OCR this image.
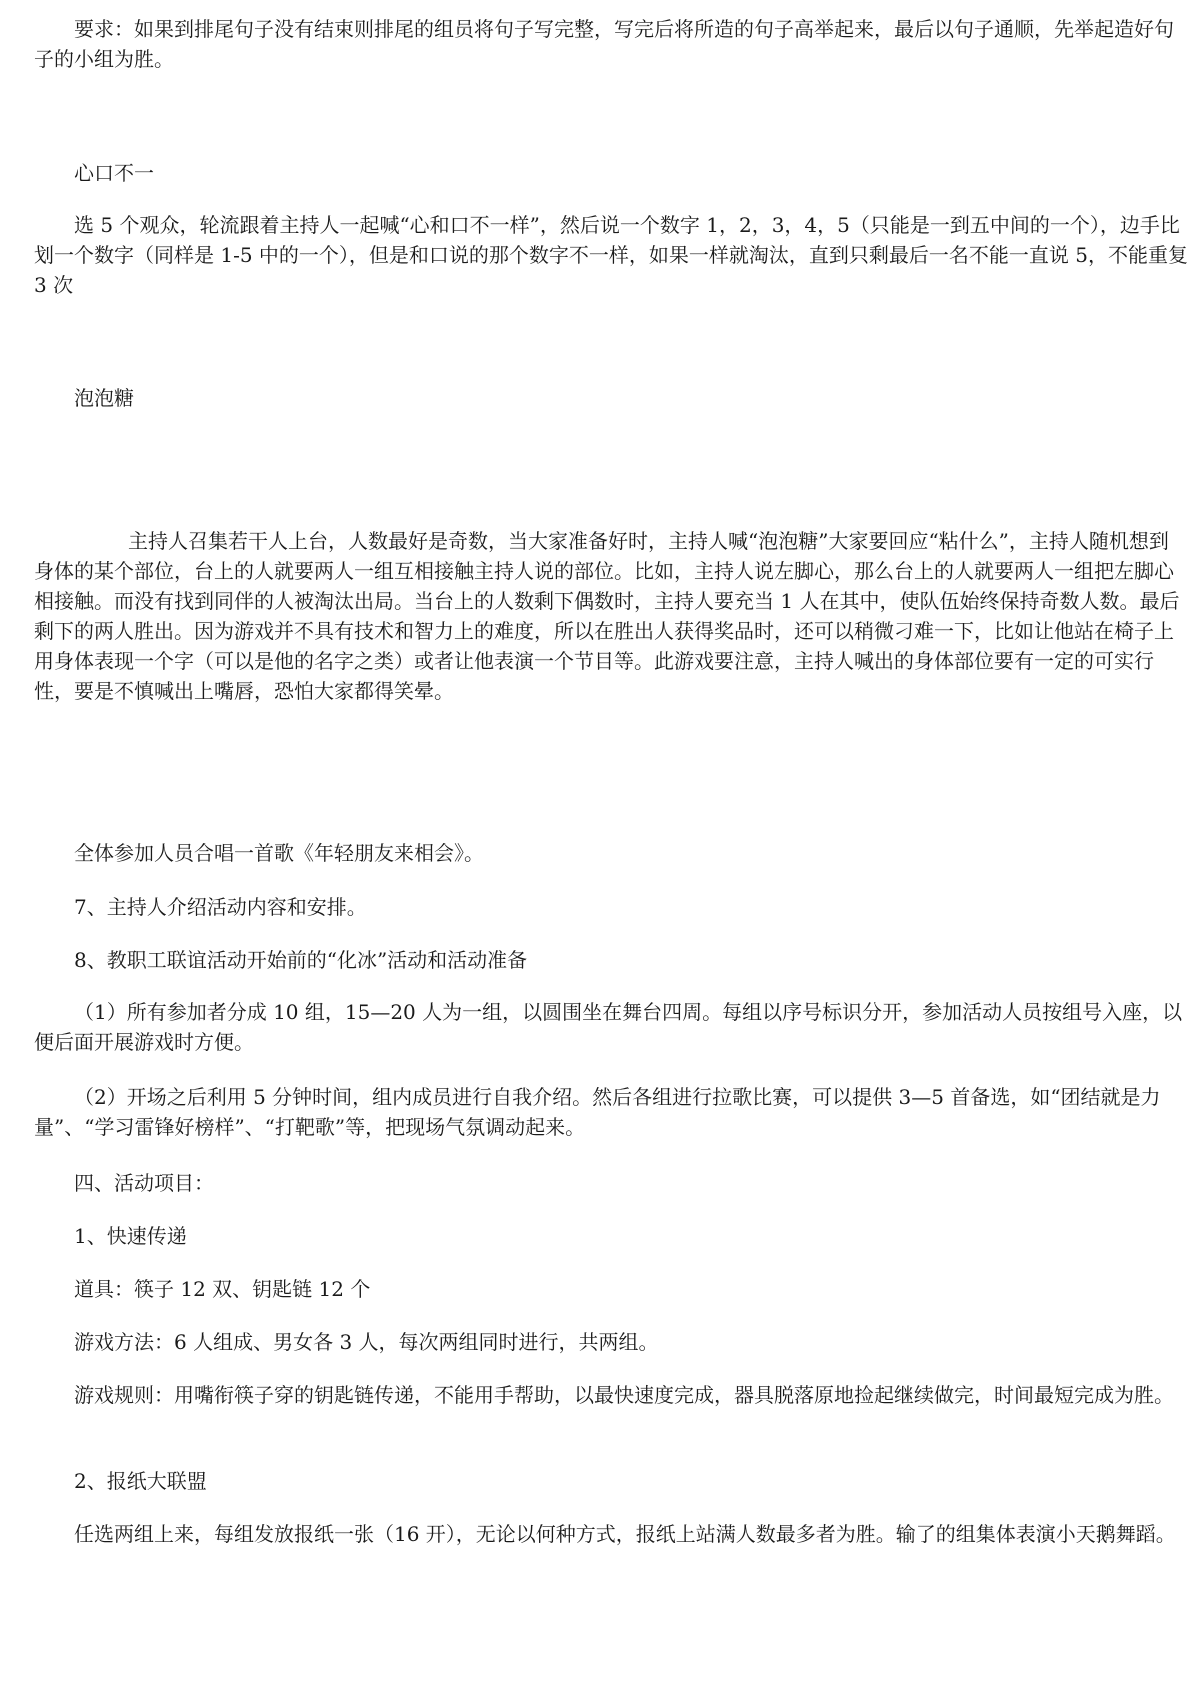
要求：如果到排尾句子没有结束则排尾的组员将句子写完整，写完后将所造的句子高举起来，最后以句子通顺，先举起造好句子的小组为胜。

心口不一

选 5 个观众，轮流跟着主持人一起喊“心和口不一样”，然后说一个数字 1，2，3，4，5（只能是一到五中间的一个），边手比划一个数字（同样是 1-5 中的一个），但是和口说的那个数字不一样，如果一样就淘汰，直到只剩最后一名不能一直说 5，不能重复 3 次

泡泡糖

主持人召集若干人上台，人数最好是奇数，当大家准备好时，主持人喊“泡泡糖”大家要回应“粘什么”，主持人随机想到身体的某个部位，台上的人就要两人一组互相接触主持人说的部位。比如，主持人说左脚心，那么台上的人就要两人一组把左脚心相接触。而没有找到同伴的人被淘汰出局。当台上的人数剩下偶数时，主持人要充当 1 人在其中，使队伍始终保持奇数人数。最后剩下的两人胜出。因为游戏并不具有技术和智力上的难度，所以在胜出人获得奖品时，还可以稍微刁难一下，比如让他站在椅子上用身体表现一个字（可以是他的名字之类）或者让他表演一个节目等。此游戏要注意，主持人喊出的身体部位要有一定的可实行性，要是不慎喊出上嘴唇，恐怕大家都得笑晕。

全体参加人员合唱一首歌《年轻朋友来相会》。

7、主持人介绍活动内容和安排。

8、教职工联谊活动开始前的“化冰”活动和活动准备

（1）所有参加者分成 10 组，15—20 人为一组，以圆围坐在舞台四周。每组以序号标识分开，参加活动人员按组号入座，以便后面开展游戏时方便。

（2）开场之后利用 5 分钟时间，组内成员进行自我介绍。然后各组进行拉歌比赛，可以提供 3—5 首备选，如“团结就是力量”、“学习雷锋好榜样”、“打靶歌”等，把现场气氛调动起来。

四、活动项目：

1、快速传递

道具：筷子 12 双、钥匙链 12 个

游戏方法：6 人组成、男女各 3 人，每次两组同时进行，共两组。

游戏规则：用嘴衔筷子穿的钥匙链传递，不能用手帮助，以最快速度完成，器具脱落原地捡起继续做完，时间最短完成为胜。

2、报纸大联盟

任选两组上来，每组发放报纸一张（16 开），无论以何种方式，报纸上站满人数最多者为胜。输了的组集体表演小天鹅舞蹈。
